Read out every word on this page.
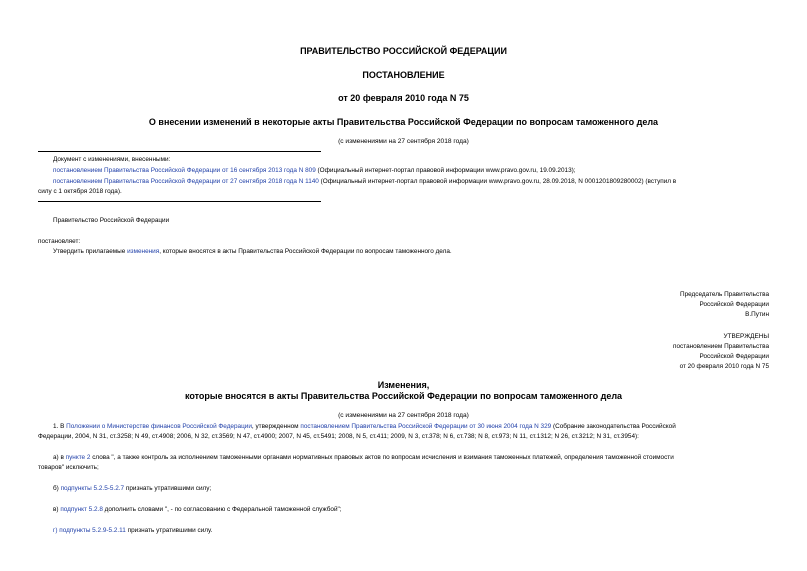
ПРАВИТЕЛЬСТВО РОССИЙСКОЙ ФЕДЕРАЦИИ
ПОСТАНОВЛЕНИЕ
от 20 февраля 2010 года N 75
О внесении изменений в некоторые акты Правительства Российской Федерации по вопросам таможенного дела
(с изменениями на 27 сентября 2018 года)
Документ с изменениями, внесенными:
постановлением Правительства Российской Федерации от 16 сентября 2013 года N 809 (Официальный интернет-портал правовой информации www.pravo.gov.ru, 19.09.2013);
постановлением Правительства Российской Федерации от 27 сентября 2018 года N 1140 (Официальный интернет-портал правовой информации www.pravo.gov.ru, 28.09.2018, N 0001201809280002) (вступил в
силу с 1 октября 2018 года).
Правительство Российской Федерации
постановляет:
Утвердить прилагаемые изменения, которые вносятся в акты Правительства Российской Федерации по вопросам таможенного дела.
Председатель Правительства
Российской Федерации
В.Путин
УТВЕРЖДЕНЫ
постановлением Правительства
Российской Федерации
от 20 февраля 2010 года N 75
Изменения,
которые вносятся в акты Правительства Российской Федерации по вопросам таможенного дела
(с изменениями на 27 сентября 2018 года)
1. В Положении о Министерстве финансов Российской Федерации, утвержденном постановлением Правительства Российской Федерации от 30 июня 2004 года N 329 (Собрание законодательства Российской
Федерации, 2004, N 31, ст.3258; N 49, ст.4908; 2006, N 32, ст.3569; N 47, ст.4900; 2007, N 45, ст.5491; 2008, N 5, ст.411; 2009, N 3, ст.378; N 6, ст.738; N 8, ст.973; N 11, ст.1312; N 26, ст.3212; N 31, ст.3954):
а) в пункте 2 слова ", а также контроль за исполнением таможенными органами нормативных правовых актов по вопросам исчисления и взимания таможенных платежей, определения таможенной стоимости
товаров" исключить;
б) подпункты 5.2.5-5.2.7 признать утратившими силу;
в) подпункт 5.2.8 дополнить словами ", - по согласованию с Федеральной таможенной службой";
г) подпункты 5.2.9-5.2.11 признать утратившими силу.
